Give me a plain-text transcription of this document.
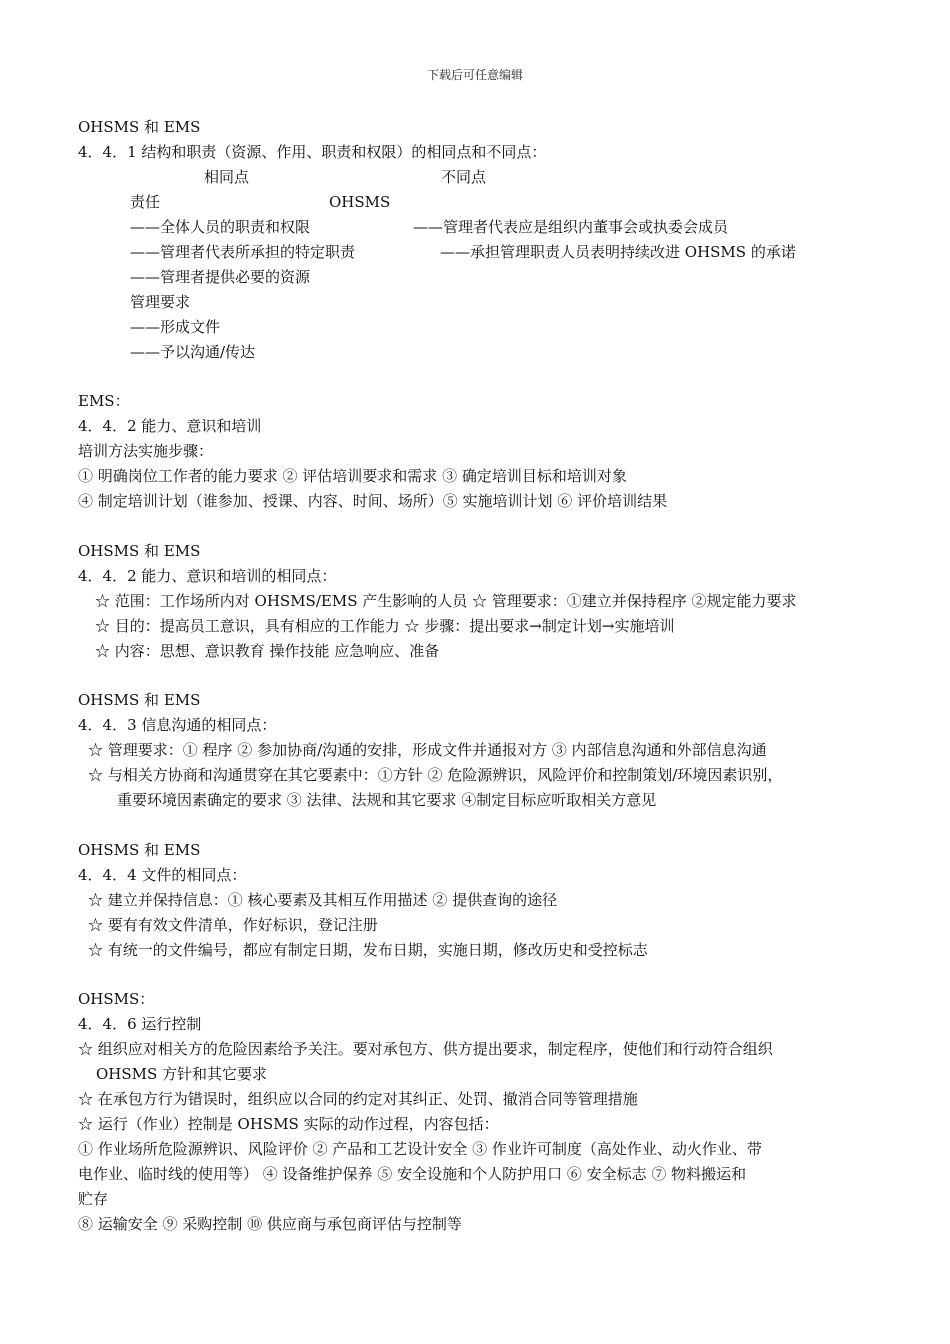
下载后可任意编辑
OHSMS 和 EMS
4．4．1 结构和职责（资源、作用、职责和权限）的相同点和不同点：
相同点	不同点
责任	OHSMS
——全体人员的职责和权限	——管理者代表应是组织内董事会或执委会成员
——管理者代表所承担的特定职责	——承担管理职责人员表明持续改进 OHSMS 的承诺
——管理者提供必要的资源
管理要求
——形成文件
——予以沟通/传达
EMS：
4．4．2 能力、意识和培训
培训方法实施步骤：
① 明确岗位工作者的能力要求 ② 评估培训要求和需求 ③ 确定培训目标和培训对象
④ 制定培训计划（谁参加、授课、内容、时间、场所）⑤ 实施培训计划 ⑥ 评价培训结果
OHSMS 和 EMS
4．4．2 能力、意识和培训的相同点：
☆ 范围：工作场所内对 OHSMS/EMS 产生影响的人员 ☆ 管理要求：①建立并保持程序 ②规定能力要求
☆ 目的：提高员工意识，具有相应的工作能力 ☆ 步骤：提出要求→制定计划→实施培训
☆ 内容：思想、意识教育 操作技能 应急响应、准备
OHSMS 和 EMS
4．4．3 信息沟通的相同点：
☆ 管理要求：① 程序 ② 参加协商/沟通的安排，形成文件并通报对方 ③ 内部信息沟通和外部信息沟通
☆ 与相关方协商和沟通贯穿在其它要素中：①方针 ② 危险源辨识，风险评价和控制策划/环境因素识别，
重要环境因素确定的要求 ③ 法律、法规和其它要求 ④制定目标应听取相关方意见
OHSMS 和 EMS
4．4．4 文件的相同点：
☆ 建立并保持信息：① 核心要素及其相互作用描述 ② 提供查询的途径
☆ 要有有效文件清单，作好标识，登记注册
☆ 有统一的文件编号，都应有制定日期，发布日期，实施日期，修改历史和受控标志
OHSMS：
4．4．6 运行控制
☆ 组织应对相关方的危险因素给予关注。要对承包方、供方提出要求，制定程序，使他们和行动符合组织
OHSMS 方针和其它要求
☆ 在承包方行为错误时，组织应以合同的约定对其纠正、处罚、撤消合同等管理措施
☆ 运行（作业）控制是 OHSMS 实际的动作过程，内容包括：
① 作业场所危险源辨识、风险评价 ② 产品和工艺设计安全 ③ 作业许可制度（高处作业、动火作业、带
电作业、临时线的使用等） ④ 设备维护保养 ⑤ 安全设施和个人防护用口 ⑥ 安全标志 ⑦ 物料搬运和
贮存
⑧ 运输安全 ⑨ 采购控制 ⑩ 供应商与承包商评估与控制等
